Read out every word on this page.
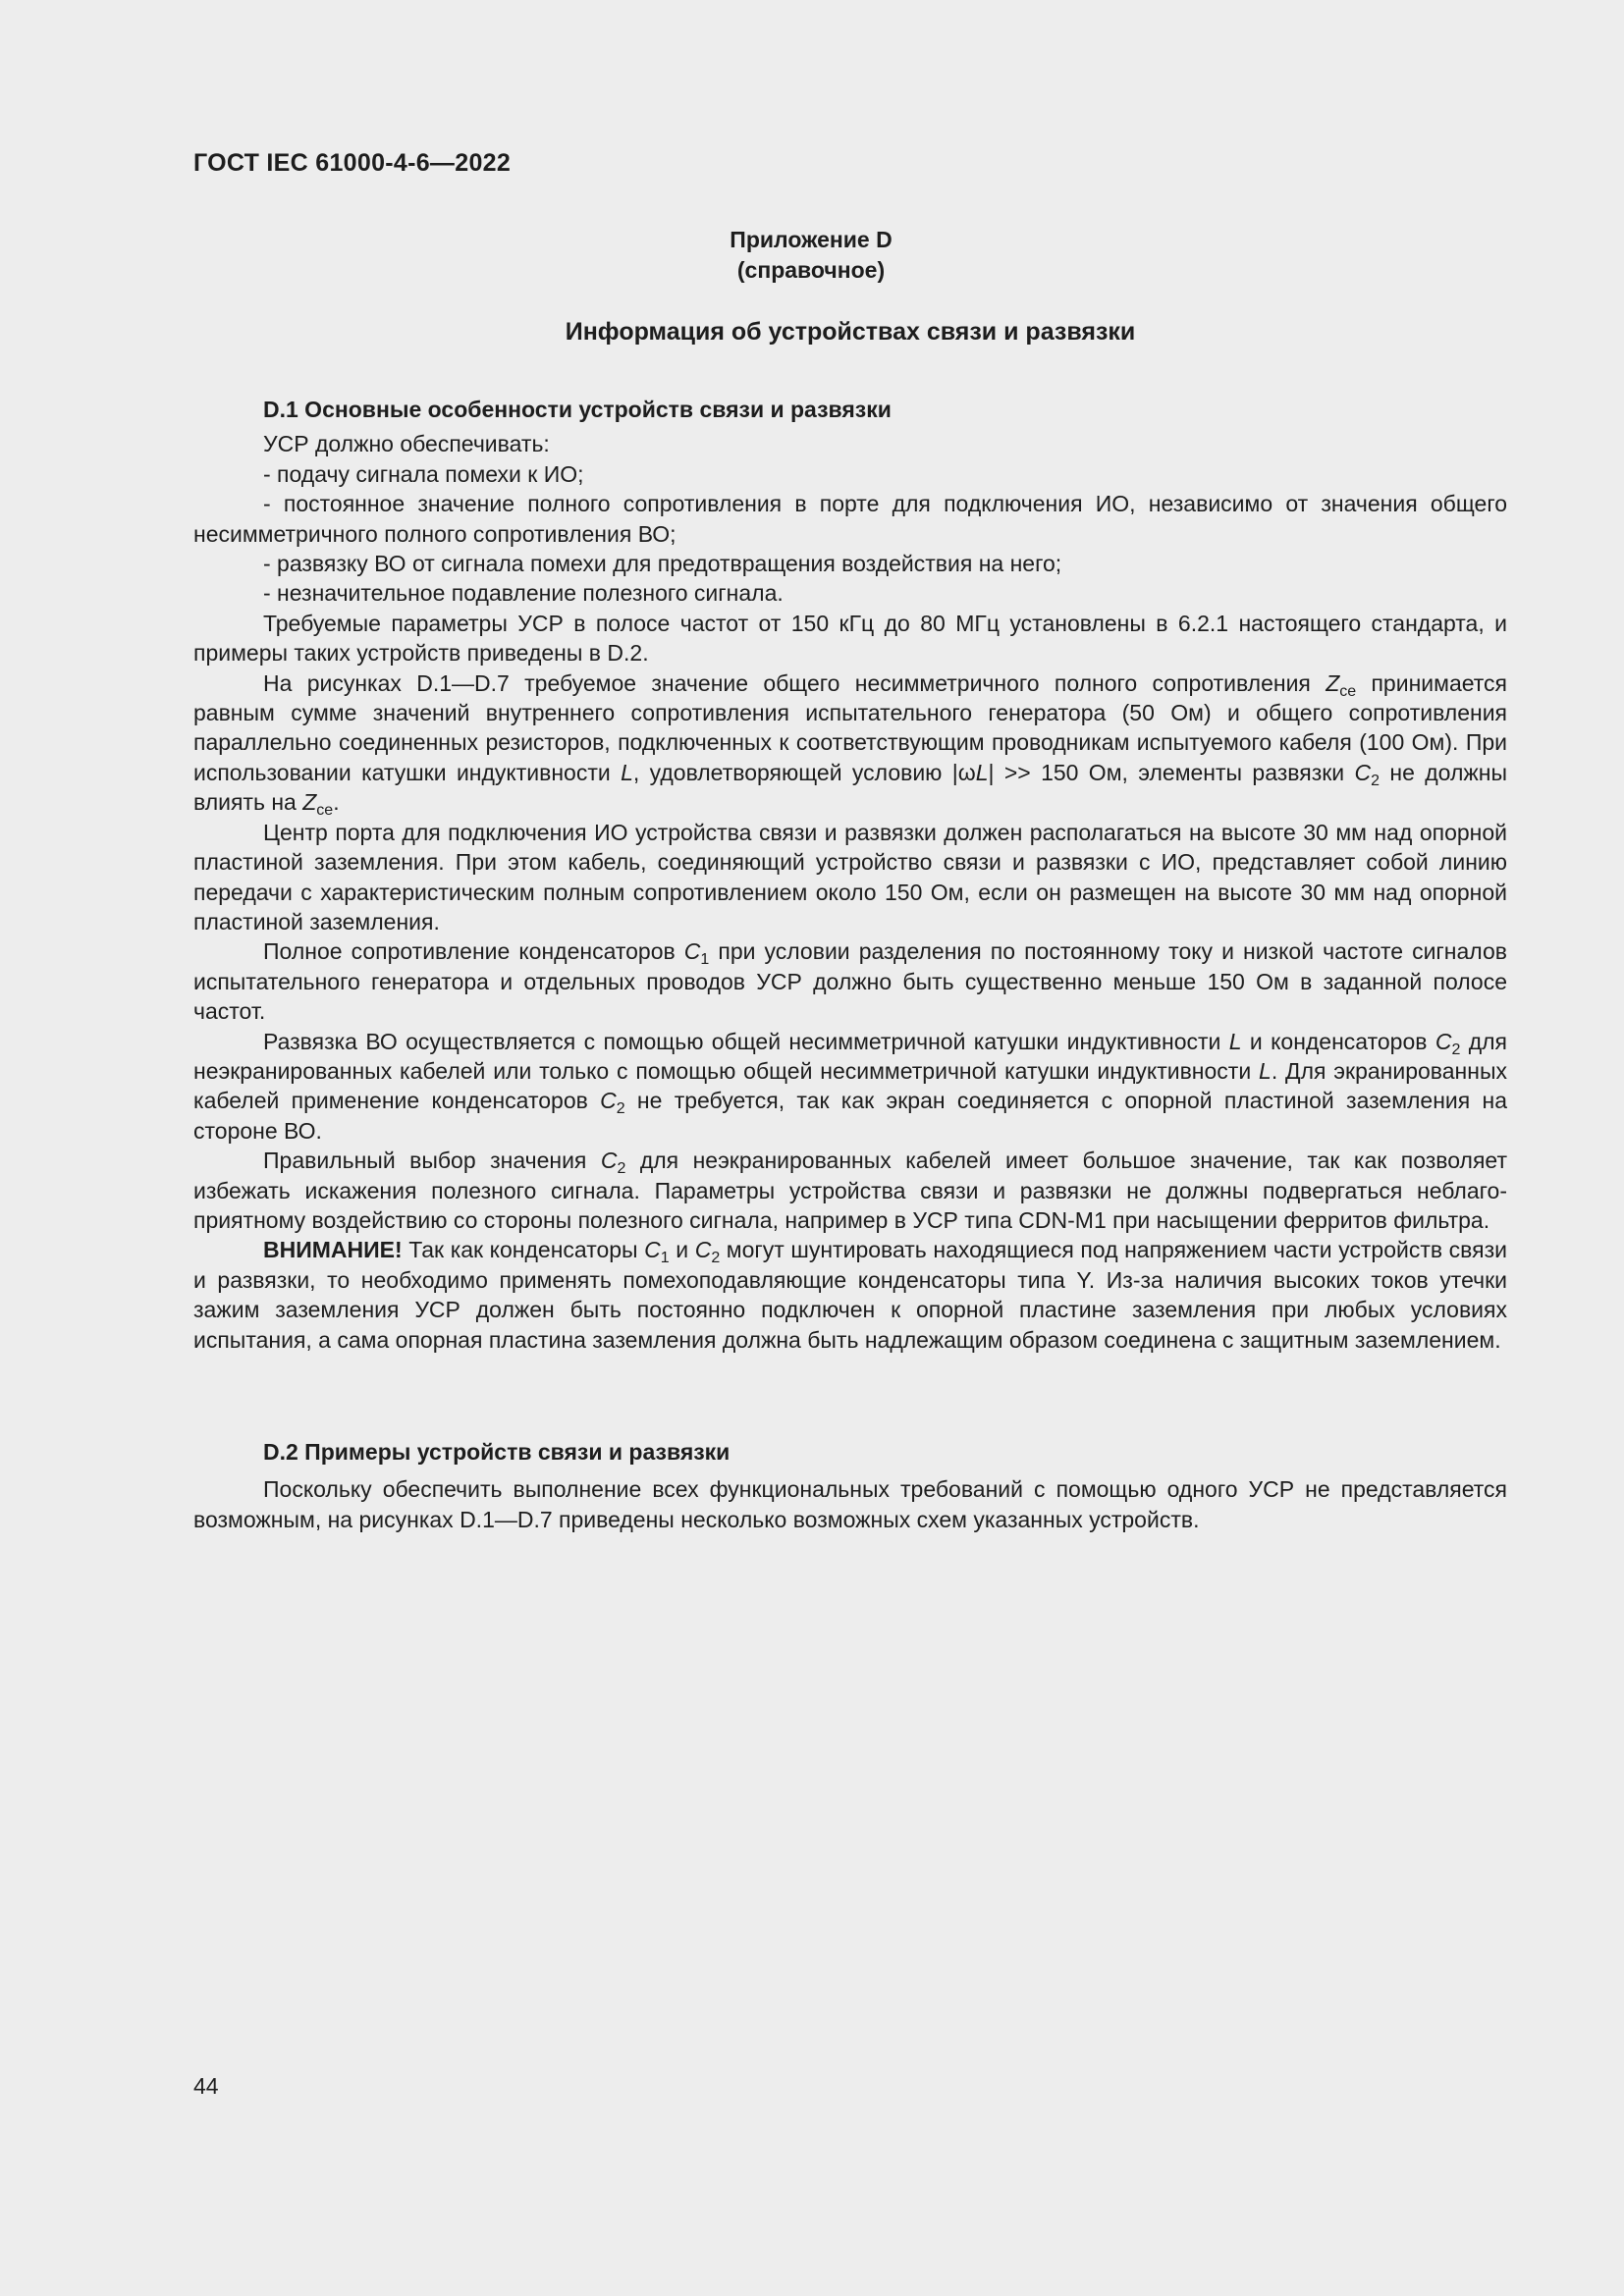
ГОСТ IEC 61000-4-6—2022
Приложение D
(справочное)
Информация об устройствах связи и развязки
D.1 Основные особенности устройств связи и развязки

УСР должно обеспечивать:

- подачу сигнала помехи к ИО;

- постоянное значение полного сопротивления в порте для подключения ИО, независимо от значения общего несимметричного полного сопротивления ВО;

- развязку ВО от сигнала помехи для предотвращения воздействия на него;

- незначительное подавление полезного сигнала.

Требуемые параметры УСР в полосе частот от 150 кГц до 80 МГц установлены в 6.2.1 настоящего стандарта, и примеры таких устройств приведены в D.2.

На рисунках D.1—D.7 требуемое значение общего несимметричного полного сопротивления $Z_{ce}$ принимается равным сумме значений внутреннего сопротивления испытательного генератора (50 Ом) и общего сопротивления параллельно соединенных резисторов, подключенных к соответствующим проводникам испытуемого кабеля (100 Ом). При использовании катушки индуктивности L, удовлетворяющей условию |ωL| >> 150 Ом, элементы развязки $C_2$ не должны влиять на $Z_{ce}$.

Центр порта для подключения ИО устройства связи и развязки должен располагаться на высоте 30 мм над опорной пластиной заземления. При этом кабель, соединяющий устройство связи и развязки с ИО, представляет собой линию передачи с характеристическим полным сопротивлением около 150 Ом, если он размещен на высоте 30 мм над опорной пластиной заземления.

Полное сопротивление конденсаторов $C_1$ при условии разделения по постоянному току и низкой частоте сигналов испытательного генератора и отдельных проводов УСР должно быть существенно меньше 150 Ом в заданной полосе частот.

Развязка ВО осуществляется с помощью общей несимметричной катушки индуктивности L и конденсаторов $C_2$ для неэкранированных кабелей или только с помощью общей несимметричной катушки индуктивности L. Для экранированных кабелей применение конденсаторов $C_2$ не требуется, так как экран соединяется с опорной пластиной заземления на стороне ВО.

Правильный выбор значения $C_2$ для неэкранированных кабелей имеет большое значение, так как позволяет избежать искажения полезного сигнала. Параметры устройства связи и развязки не должны подвергаться неблагоприятному воздействию со стороны полезного сигнала, например в УСР типа CDN-M1 при насыщении ферритов фильтра.

ВНИМАНИЕ! Так как конденсаторы $C_1$ и $C_2$ могут шунтировать находящиеся под напряжением части устройств связи и развязки, то необходимо применять помехоподавляющие конденсаторы типа Y. Из-за наличия высоких токов утечки зажим заземления УСР должен быть постоянно подключен к опорной пластине заземления при любых условиях испытания, а сама опорная пластина заземления должна быть надлежащим образом соединена с защитным заземлением.

D.2 Примеры устройств связи и развязки

Поскольку обеспечить выполнение всех функциональных требований с помощью одного УСР не представляется возможным, на рисунках D.1—D.7 приведены несколько возможных схем указанных устройств.

44
